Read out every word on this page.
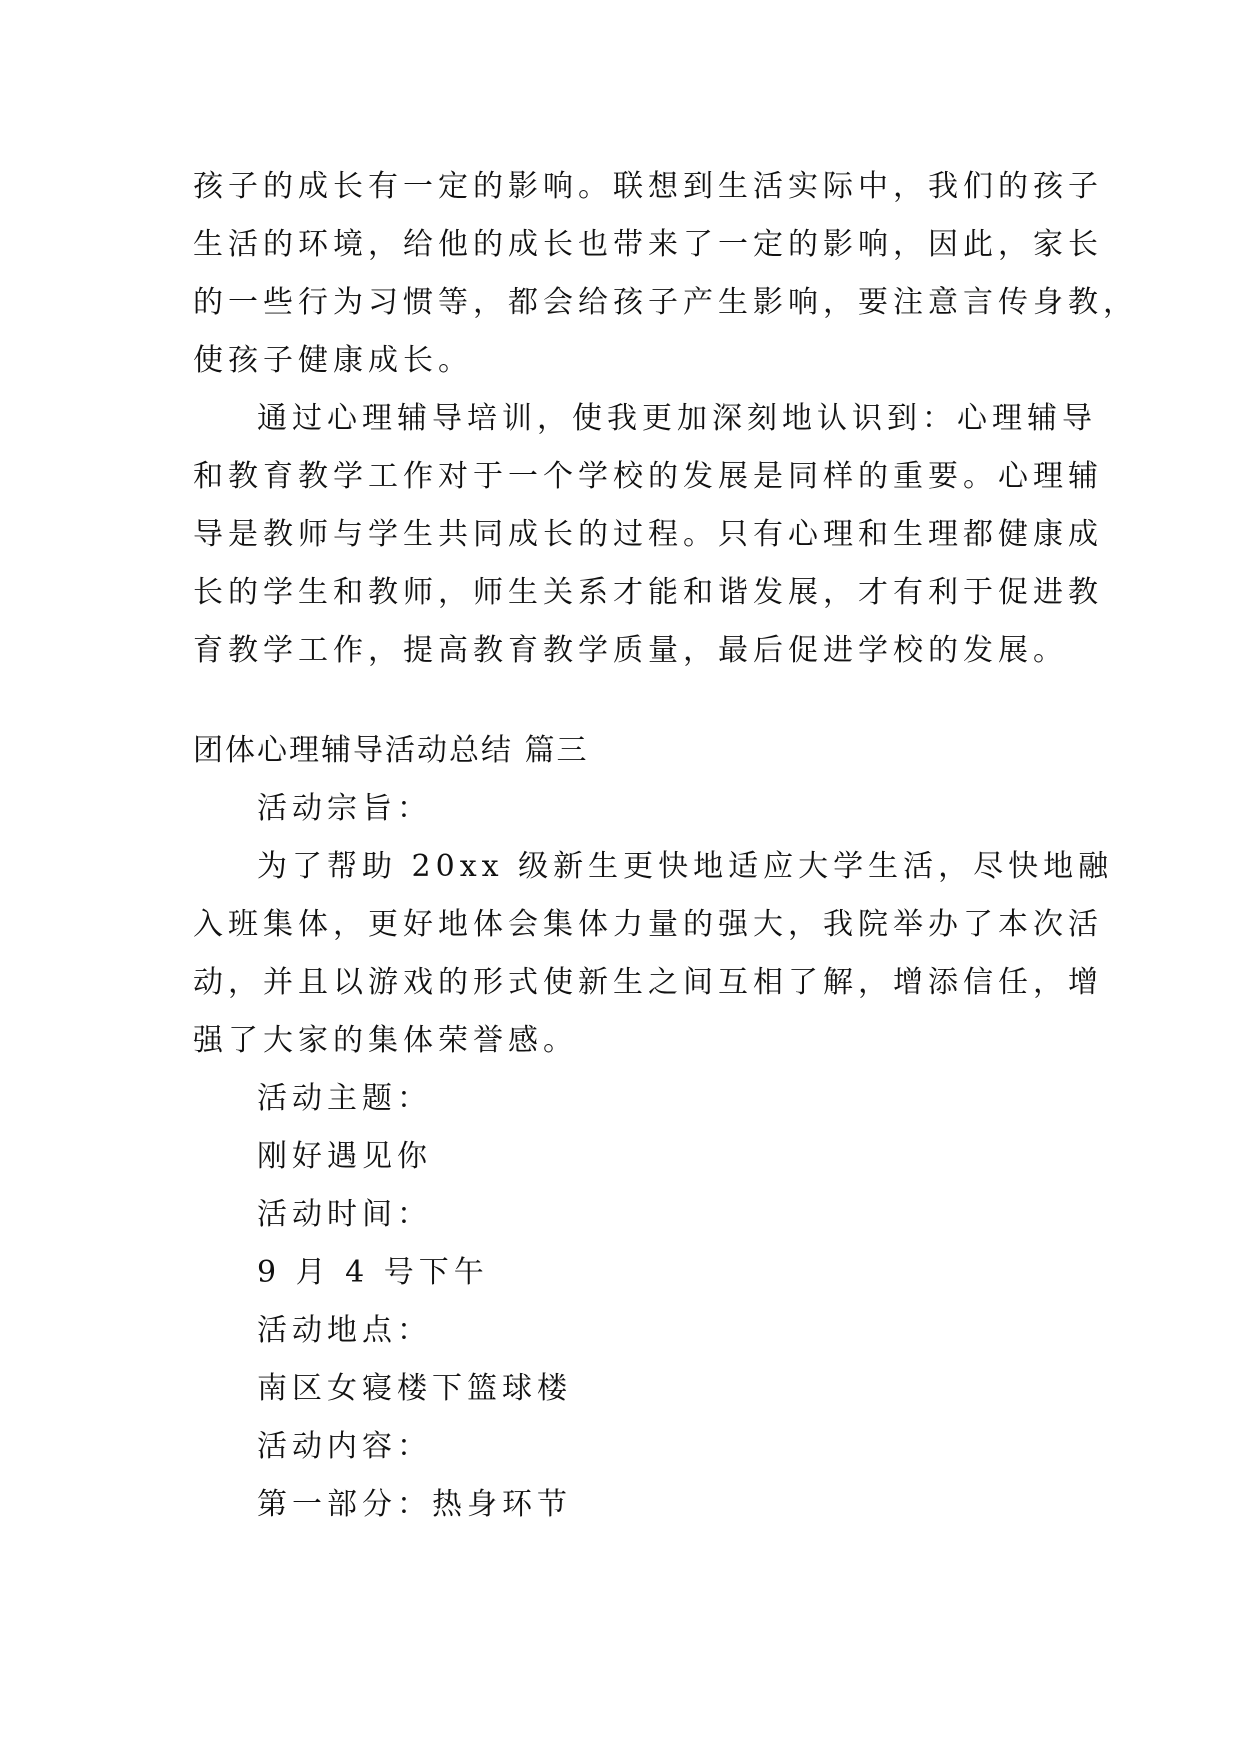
孩子的成长有一定的影响。联想到生活实际中，我们的孩子
生活的环境，给他的成长也带来了一定的影响，因此，家长
的一些行为习惯等，都会给孩子产生影响，要注意言传身教，
使孩子健康成长。
通过心理辅导培训，使我更加深刻地认识到：心理辅导
和教育教学工作对于一个学校的发展是同样的重要。心理辅
导是教师与学生共同成长的过程。只有心理和生理都健康成
长的学生和教师，师生关系才能和谐发展，才有利于促进教
育教学工作，提高教育教学质量，最后促进学校的发展。
团体心理辅导活动总结 篇三
活动宗旨：
为了帮助 20xx 级新生更快地适应大学生活，尽快地融
入班集体，更好地体会集体力量的强大，我院举办了本次活
动，并且以游戏的形式使新生之间互相了解，增添信任，增
强了大家的集体荣誉感。
活动主题：
刚好遇见你
活动时间：
9 月 4 号下午
活动地点：
南区女寝楼下篮球楼
活动内容：
第一部分：热身环节
